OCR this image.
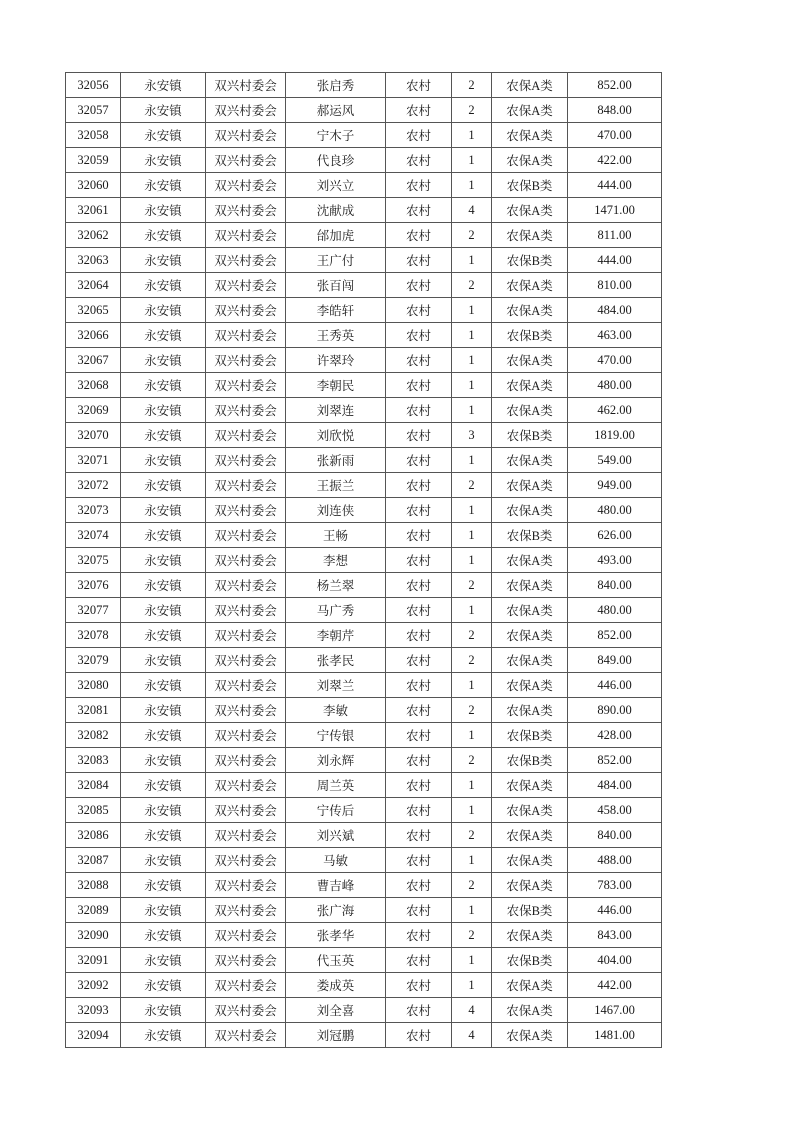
32056	永安镇	双兴村委会	张启秀	农村	2	农保A类	852.00
32057	永安镇	双兴村委会	郝运风	农村	2	农保A类	848.00
32058	永安镇	双兴村委会	宁木子	农村	1	农保A类	470.00
32059	永安镇	双兴村委会	代良珍	农村	1	农保A类	422.00
32060	永安镇	双兴村委会	刘兴立	农村	1	农保B类	444.00
32061	永安镇	双兴村委会	沈献成	农村	4	农保A类	1471.00
32062	永安镇	双兴村委会	邰加虎	农村	2	农保A类	811.00
32063	永安镇	双兴村委会	王广付	农村	1	农保B类	444.00
32064	永安镇	双兴村委会	张百闯	农村	2	农保A类	810.00
32065	永安镇	双兴村委会	李皓轩	农村	1	农保A类	484.00
32066	永安镇	双兴村委会	王秀英	农村	1	农保B类	463.00
32067	永安镇	双兴村委会	许翠玲	农村	1	农保A类	470.00
32068	永安镇	双兴村委会	李朝民	农村	1	农保A类	480.00
32069	永安镇	双兴村委会	刘翠连	农村	1	农保A类	462.00
32070	永安镇	双兴村委会	刘欣悦	农村	3	农保B类	1819.00
32071	永安镇	双兴村委会	张新雨	农村	1	农保A类	549.00
32072	永安镇	双兴村委会	王振兰	农村	2	农保A类	949.00
32073	永安镇	双兴村委会	刘连侠	农村	1	农保A类	480.00
32074	永安镇	双兴村委会	王畅	农村	1	农保B类	626.00
32075	永安镇	双兴村委会	李想	农村	1	农保A类	493.00
32076	永安镇	双兴村委会	杨兰翠	农村	2	农保A类	840.00
32077	永安镇	双兴村委会	马广秀	农村	1	农保A类	480.00
32078	永安镇	双兴村委会	李朝芹	农村	2	农保A类	852.00
32079	永安镇	双兴村委会	张孝民	农村	2	农保A类	849.00
32080	永安镇	双兴村委会	刘翠兰	农村	1	农保A类	446.00
32081	永安镇	双兴村委会	李敏	农村	2	农保A类	890.00
32082	永安镇	双兴村委会	宁传银	农村	1	农保B类	428.00
32083	永安镇	双兴村委会	刘永辉	农村	2	农保B类	852.00
32084	永安镇	双兴村委会	周兰英	农村	1	农保A类	484.00
32085	永安镇	双兴村委会	宁传后	农村	1	农保A类	458.00
32086	永安镇	双兴村委会	刘兴斌	农村	2	农保A类	840.00
32087	永安镇	双兴村委会	马敏	农村	1	农保A类	488.00
32088	永安镇	双兴村委会	曹吉峰	农村	2	农保A类	783.00
32089	永安镇	双兴村委会	张广海	农村	1	农保B类	446.00
32090	永安镇	双兴村委会	张孝华	农村	2	农保A类	843.00
32091	永安镇	双兴村委会	代玉英	农村	1	农保B类	404.00
32092	永安镇	双兴村委会	娄成英	农村	1	农保A类	442.00
32093	永安镇	双兴村委会	刘全喜	农村	4	农保A类	1467.00
32094	永安镇	双兴村委会	刘冠鹏	农村	4	农保A类	1481.00
